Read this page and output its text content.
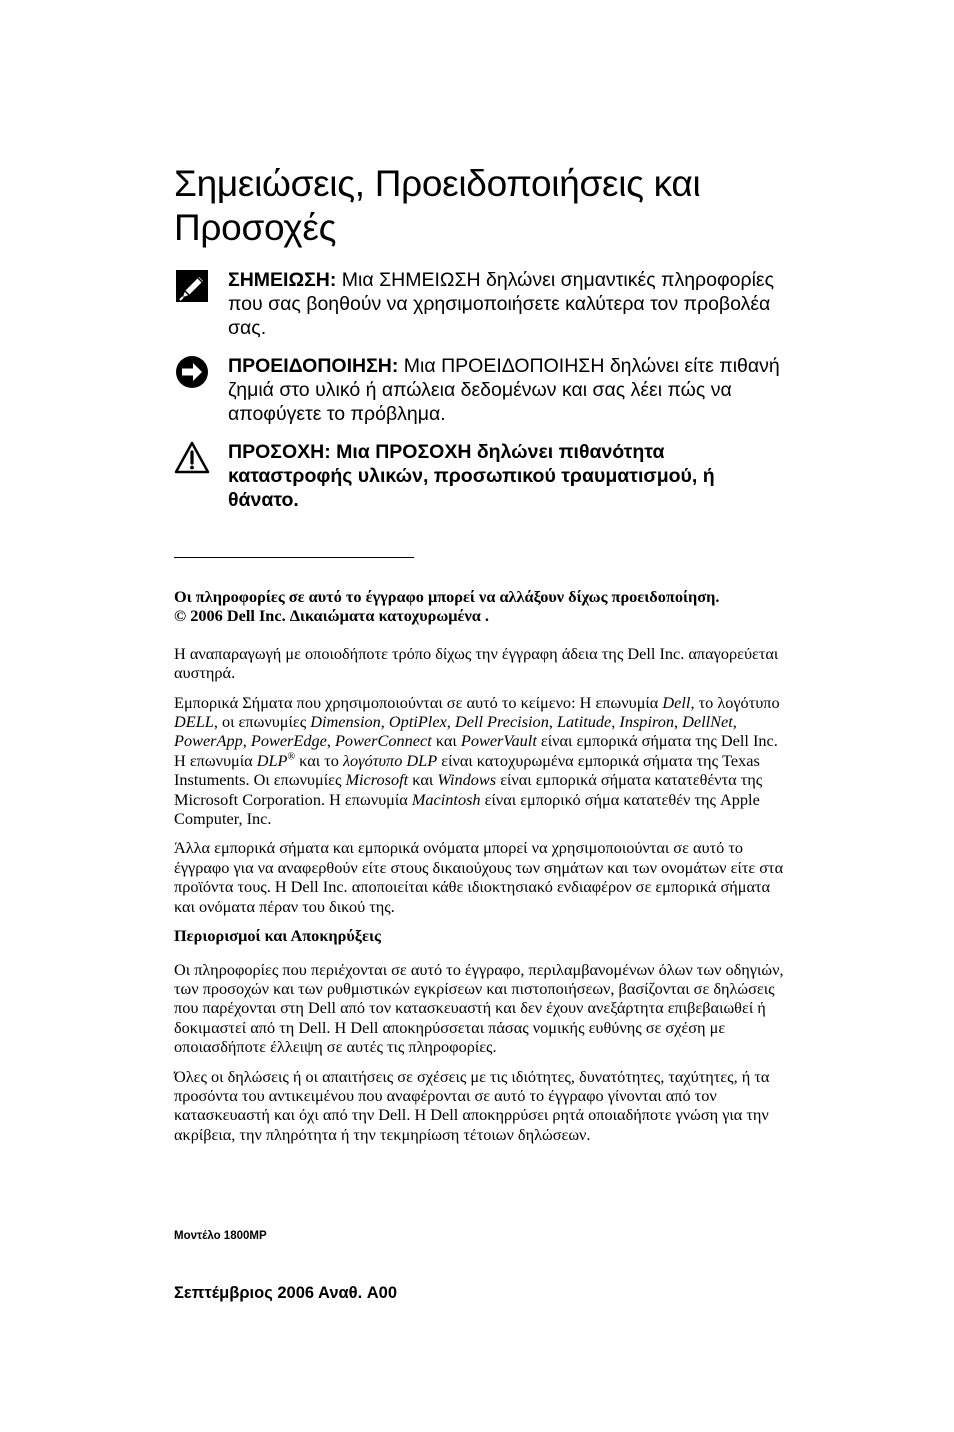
Σημειώσεις, Προειδοποιήσεις και Προσοχές
ΣΗΜΕΙΩΣΗ: Μια ΣΗΜΕΙΩΣΗ δηλώνει σημαντικές πληροφορίες που σας βοηθούν να χρησιμοποιήσετε καλύτερα τον προβολέα σας.
ΠΡΟΕΙΔΟΠΟΙΗΣΗ: Μια ΠΡΟΕΙΔΟΠΟΙΗΣΗ δηλώνει είτε πιθανή ζημιά στο υλικό ή απώλεια δεδομένων και σας λέει πώς να αποφύγετε το πρόβλημα.
ΠΡΟΣΟΧΗ: Μια ΠΡΟΣΟΧΗ δηλώνει πιθανότητα καταστροφής υλικών, προσωπικού τραυματισμού, ή θάνατο.

Οι πληροφορίες σε αυτό το έγγραφο μπορεί να αλλάξουν δίχως προειδοποίηση.
© 2006 Dell Inc. Δικαιώματα κατοχυρωμένα .

Η αναπαραγωγή με οποιοδήποτε τρόπο δίχως την έγγραφη άδεια της Dell Inc. απαγορεύεται αυστηρά.

Εμπορικά Σήματα που χρησιμοποιούνται σε αυτό το κείμενο: Η επωνυμία Dell, το λογότυπο DELL, οι επωνυμίες Dimension, OptiPlex, Dell Precision, Latitude, Inspiron, DellNet, PowerApp, PowerEdge, PowerConnect και PowerVault είναι εμπορικά σήματα της Dell Inc. Η επωνυμία DLP® και το λογότυπο DLP είναι κατοχυρωμένα εμπορικά σήματα της Texas Instuments. Οι επωνυμίες Microsoft και Windows είναι εμπορικά σήματα κατατεθέντα της Microsoft Corporation. Η επωνυμία Macintosh είναι εμπορικό σήμα κατατεθέν της Apple Computer, Inc.

Άλλα εμπορικά σήματα και εμπορικά ονόματα μπορεί να χρησιμοποιούνται σε αυτό το έγγραφο για να αναφερθούν είτε στους δικαιούχους των σημάτων και των ονομάτων είτε στα προϊόντα τους. Η Dell Inc. αποποιείται κάθε ιδιοκτησιακό ενδιαφέρον σε εμπορικά σήματα και ονόματα πέραν του δικού της.

Περιορισμοί και Αποκηρύξεις

Οι πληροφορίες που περιέχονται σε αυτό το έγγραφο, περιλαμβανομένων όλων των οδηγιών, των προσοχών και των ρυθμιστικών εγκρίσεων και πιστοποιήσεων, βασίζονται σε δηλώσεις που παρέχονται στη Dell από τον κατασκευαστή και δεν έχουν ανεξάρτητα επιβεβαιωθεί ή δοκιμαστεί από τη Dell. Η Dell αποκηρύσσεται πάσας νομικής ευθύνης σε σχέση με οποιασδήποτε έλλειψη σε αυτές τις πληροφορίες.

Όλες οι δηλώσεις ή οι απαιτήσεις σε σχέσεις με τις ιδιότητες, δυνατότητες, ταχύτητες, ή τα προσόντα του αντικειμένου που αναφέρονται σε αυτό το έγγραφο γίνονται από τον κατασκευαστή και όχι από την Dell. Η Dell αποκηρρύσει ρητά οποιαδήποτε γνώση για την ακρίβεια, την πληρότητα ή την τεκμηρίωση τέτοιων δηλώσεων.

Μοντέλο 1800MP
Σεπτέμβριος 2006 Αναθ. A00
